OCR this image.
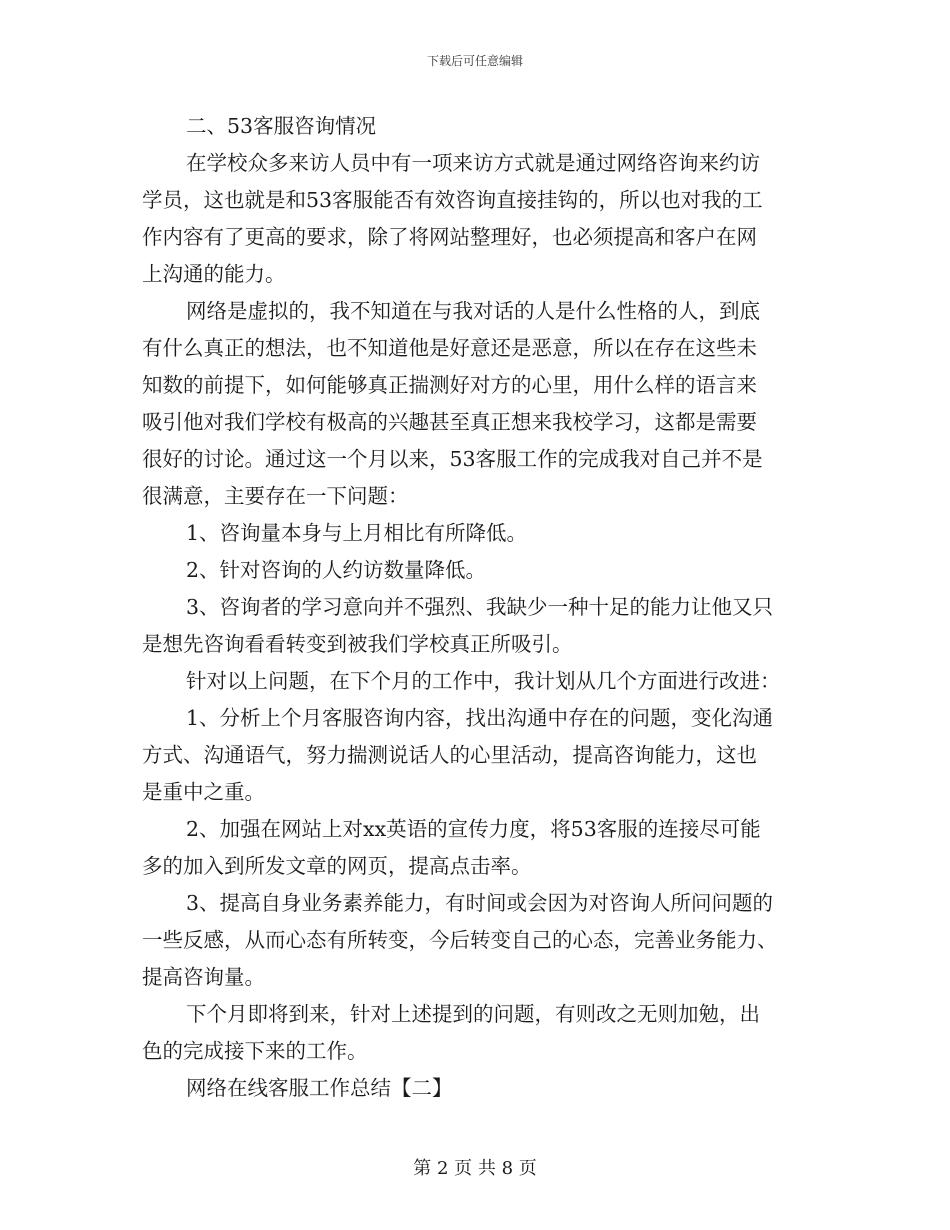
下载后可任意编辑
二、53客服咨询情况
在学校众多来访人员中有一项来访方式就是通过网络咨询来约访
学员，这也就是和53客服能否有效咨询直接挂钩的，所以也对我的工
作内容有了更高的要求，除了将网站整理好，也必须提高和客户在网
上沟通的能力。
网络是虚拟的，我不知道在与我对话的人是什么性格的人，到底
有什么真正的想法，也不知道他是好意还是恶意，所以在存在这些未
知数的前提下，如何能够真正揣测好对方的心里，用什么样的语言来
吸引他对我们学校有极高的兴趣甚至真正想来我校学习，这都是需要
很好的讨论。通过这一个月以来，53客服工作的完成我对自己并不是
很满意，主要存在一下问题：
1、咨询量本身与上月相比有所降低。
2、针对咨询的人约访数量降低。
3、咨询者的学习意向并不强烈、我缺少一种十足的能力让他又只
是想先咨询看看转变到被我们学校真正所吸引。
针对以上问题，在下个月的工作中，我计划从几个方面进行改进：
1、分析上个月客服咨询内容，找出沟通中存在的问题，变化沟通
方式、沟通语气，努力揣测说话人的心里活动，提高咨询能力，这也
是重中之重。
2、加强在网站上对xx英语的宣传力度，将53客服的连接尽可能
多的加入到所发文章的网页，提高点击率。
3、提高自身业务素养能力，有时间或会因为对咨询人所问问题的
一些反感，从而心态有所转变，今后转变自己的心态，完善业务能力、
提高咨询量。
下个月即将到来，针对上述提到的问题，有则改之无则加勉，出
色的完成接下来的工作。
网络在线客服工作总结【二】
第 2 页 共 8 页
